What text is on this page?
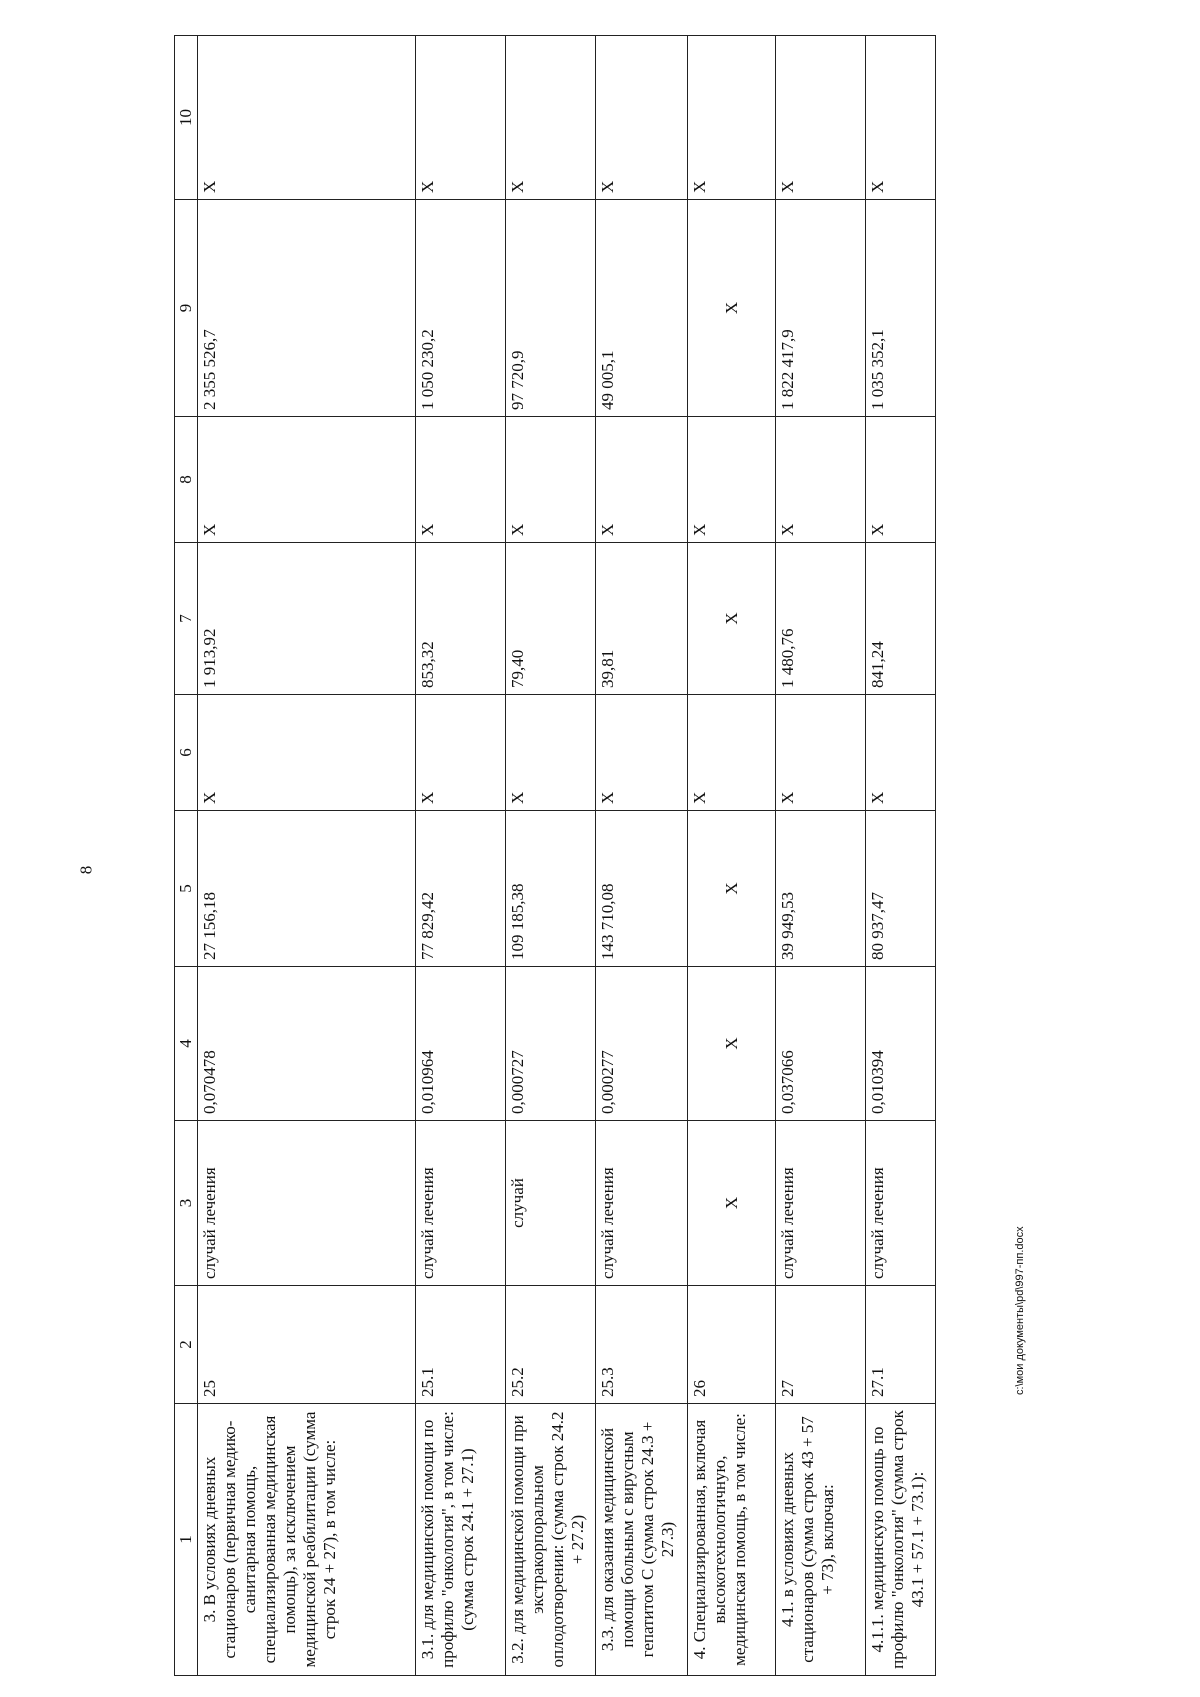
8
1	2	3	4	5	6	7	8	9	10
3. В условиях дневных стационаров (первичная медико-санитарная помощь, специализированная медицинская помощь), за исключением медицинской реабилитации (сумма строк 24 + 27), в том числе:	25	случай лечения	0,070478	27 156,18	X	1 913,92	X	2 355 526,7	X
3.1. для медицинской помощи по профилю "онкология", в том числе: (сумма строк 24.1 + 27.1)	25.1	случай лечения	0,010964	77 829,42	X	853,32	X	1 050 230,2	X
3.2. для медицинской помощи при экстракорпоральном оплодотворении: (сумма строк 24.2 + 27.2)	25.2	случай	0,000727	109 185,38	X	79,40	X	97 720,9	X
3.3. для оказания медицинской помощи больным с вирусным гепатитом С (сумма строк 24.3 + 27.3)	25.3	случай лечения	0,000277	143 710,08	X	39,81	X	49 005,1	X
4. Специализированная, включая высокотехнологичную, медицинская помощь, в том числе:	26	X	X	X	X	X	X	X	X
4.1. в условиях дневных стационаров (сумма строк 43 + 57 + 73), включая:	27	случай лечения	0,037066	39 949,53	X	1 480,76	X	1 822 417,9	X
4.1.1. медицинскую помощь по профилю "онкология" (сумма строк 43.1 + 57.1 + 73.1):	27.1	случай лечения	0,010394	80 937,47	X	841,24	X	1 035 352,1	X
c:\мои документы\pd\997-пп.docx
